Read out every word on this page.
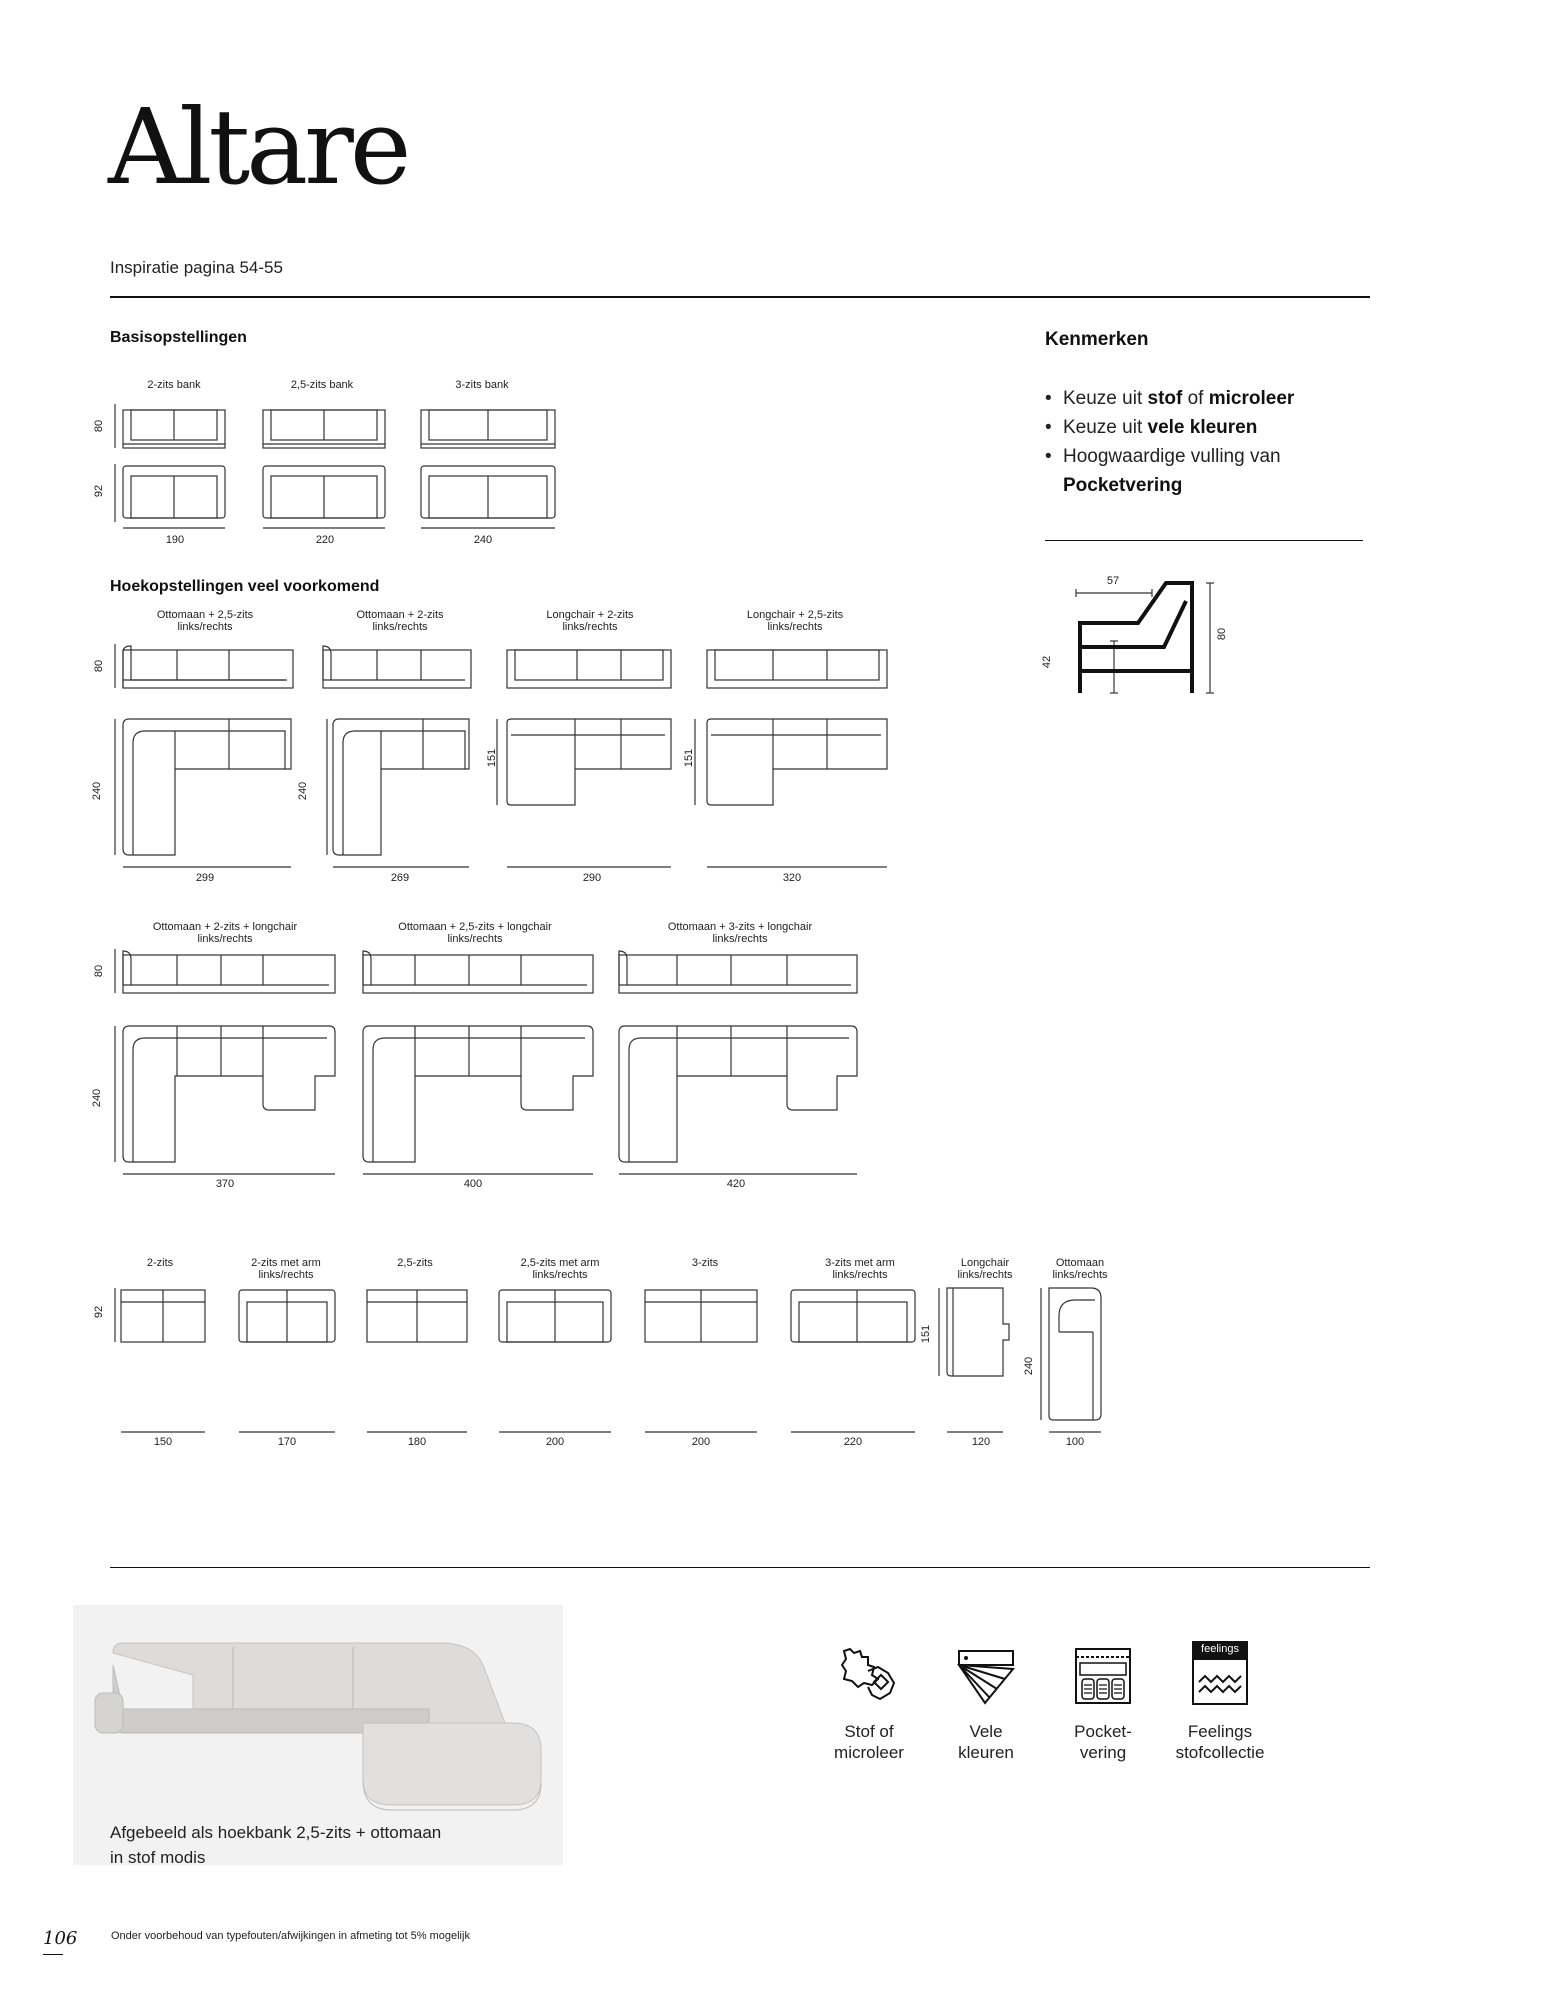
Altare
Inspiratie pagina 54-55
Basisopstellingen
2-zits bank	2,5-zits bank	3-zits bank
80
92
190	220	240
Hoekopstellingen veel voorkomend
Ottomaan + 2,5-zits
links/rechts
Ottomaan + 2-zits
links/rechts
Longchair + 2-zits
links/rechts
Longchair + 2,5-zits
links/rechts
80
240	240
151	151
299	269	290	320
Ottomaan + 2-zits + longchair
links/rechts
Ottomaan + 2,5-zits + longchair
links/rechts
Ottomaan + 3-zits + longchair
links/rechts
80
240
370	400	420
2-zits	2-zits met arm
links/rechts
2,5-zits	2,5-zits met arm
links/rechts
3-zits	3-zits met arm
links/rechts
Longchair
links/rechts
Ottomaan
links/rechts
92
151
240
150	170	180	200	200	220	120	100
Kenmerken
• Keuze uit stof of microleer
• Keuze uit vele kleuren
• Hoogwaardige vulling van
Pocketvering
57
42
80
Afgebeeld als hoekbank 2,5-zits + ottomaan
in stof modis
Stof of
microleer
Vele
kleuren
Pocket-
vering
feelings
Feelings
stofcollectie
106	Onder voorbehoud van typefouten/afwijkingen in afmeting tot 5% mogelijk
